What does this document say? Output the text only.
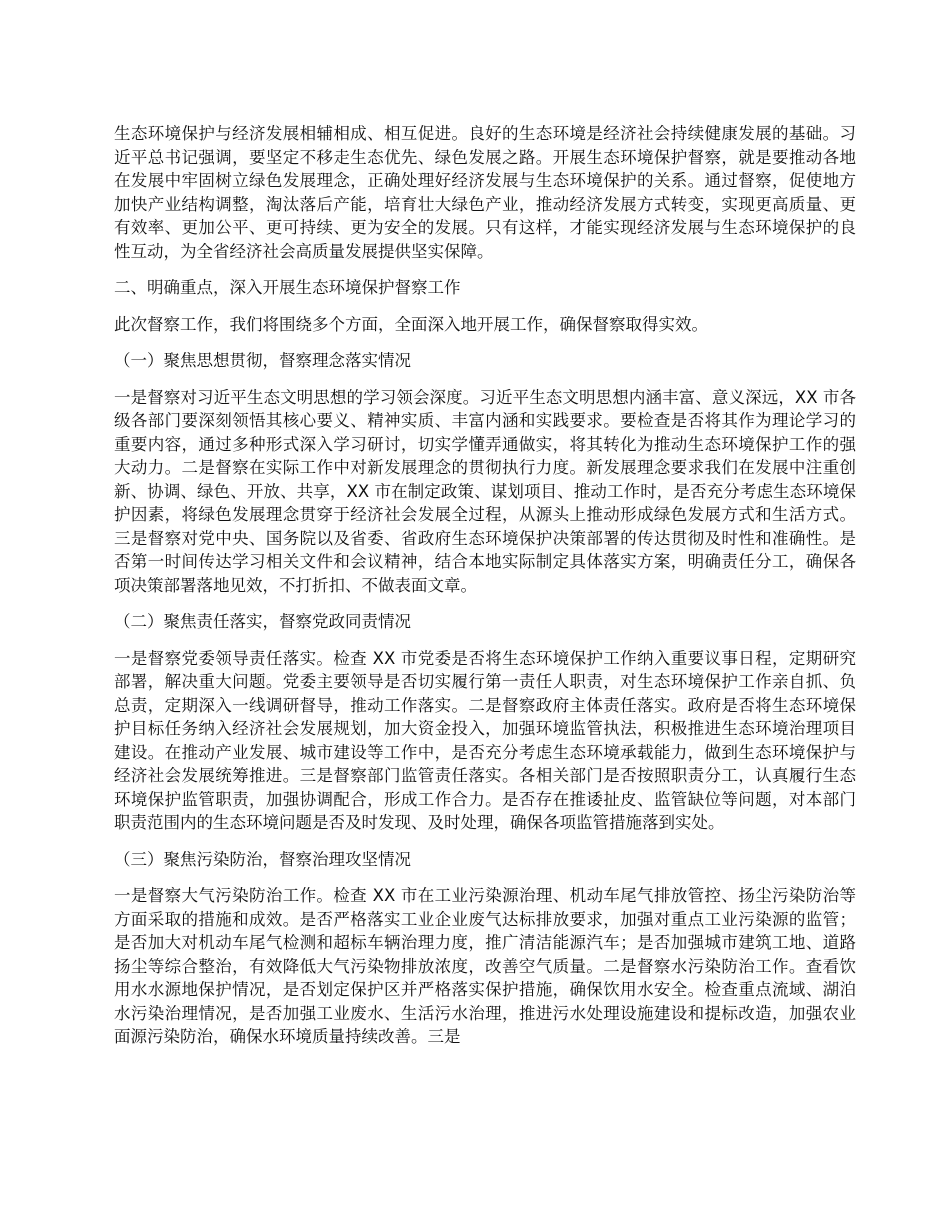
生态环境保护与经济发展相辅相成、相互促进。良好的生态环境是经济社会持续健康发展的基础。习近平总书记强调，要坚定不移走生态优先、绿色发展之路。开展生态环境保护督察，就是要推动各地在发展中牢固树立绿色发展理念，正确处理好经济发展与生态环境保护的关系。通过督察，促使地方加快产业结构调整，淘汰落后产能，培育壮大绿色产业，推动经济发展方式转变，实现更高质量、更有效率、更加公平、更可持续、更为安全的发展。只有这样，才能实现经济发展与生态环境保护的良性互动，为全省经济社会高质量发展提供坚实保障。

二、明确重点，深入开展生态环境保护督察工作

此次督察工作，我们将围绕多个方面，全面深入地开展工作，确保督察取得实效。

（一）聚焦思想贯彻，督察理念落实情况

一是督察对习近平生态文明思想的学习领会深度。习近平生态文明思想内涵丰富、意义深远，XX 市各级各部门要深刻领悟其核心要义、精神实质、丰富内涵和实践要求。要检查是否将其作为理论学习的重要内容，通过多种形式深入学习研讨，切实学懂弄通做实，将其转化为推动生态环境保护工作的强大动力。二是督察在实际工作中对新发展理念的贯彻执行力度。新发展理念要求我们在发展中注重创新、协调、绿色、开放、共享，XX 市在制定政策、谋划项目、推动工作时，是否充分考虑生态环境保护因素，将绿色发展理念贯穿于经济社会发展全过程，从源头上推动形成绿色发展方式和生活方式。三是督察对党中央、国务院以及省委、省政府生态环境保护决策部署的传达贯彻及时性和准确性。是否第一时间传达学习相关文件和会议精神，结合本地实际制定具体落实方案，明确责任分工，确保各项决策部署落地见效，不打折扣、不做表面文章。

（二）聚焦责任落实，督察党政同责情况

一是督察党委领导责任落实。检查 XX 市党委是否将生态环境保护工作纳入重要议事日程，定期研究部署，解决重大问题。党委主要领导是否切实履行第一责任人职责，对生态环境保护工作亲自抓、负总责，定期深入一线调研督导，推动工作落实。二是督察政府主体责任落实。政府是否将生态环境保护目标任务纳入经济社会发展规划，加大资金投入，加强环境监管执法，积极推进生态环境治理项目建设。在推动产业发展、城市建设等工作中，是否充分考虑生态环境承载能力，做到生态环境保护与经济社会发展统筹推进。三是督察部门监管责任落实。各相关部门是否按照职责分工，认真履行生态环境保护监管职责，加强协调配合，形成工作合力。是否存在推诿扯皮、监管缺位等问题，对本部门职责范围内的生态环境问题是否及时发现、及时处理，确保各项监管措施落到实处。

（三）聚焦污染防治，督察治理攻坚情况

一是督察大气污染防治工作。检查 XX 市在工业污染源治理、机动车尾气排放管控、扬尘污染防治等方面采取的措施和成效。是否严格落实工业企业废气达标排放要求，加强对重点工业污染源的监管；是否加大对机动车尾气检测和超标车辆治理力度，推广清洁能源汽车；是否加强城市建筑工地、道路扬尘等综合整治，有效降低大气污染物排放浓度，改善空气质量。二是督察水污染防治工作。查看饮用水水源地保护情况，是否划定保护区并严格落实保护措施，确保饮用水安全。检查重点流域、湖泊水污染治理情况，是否加强工业废水、生活污水治理，推进污水处理设施建设和提标改造，加强农业面源污染防治，确保水环境质量持续改善。三是
